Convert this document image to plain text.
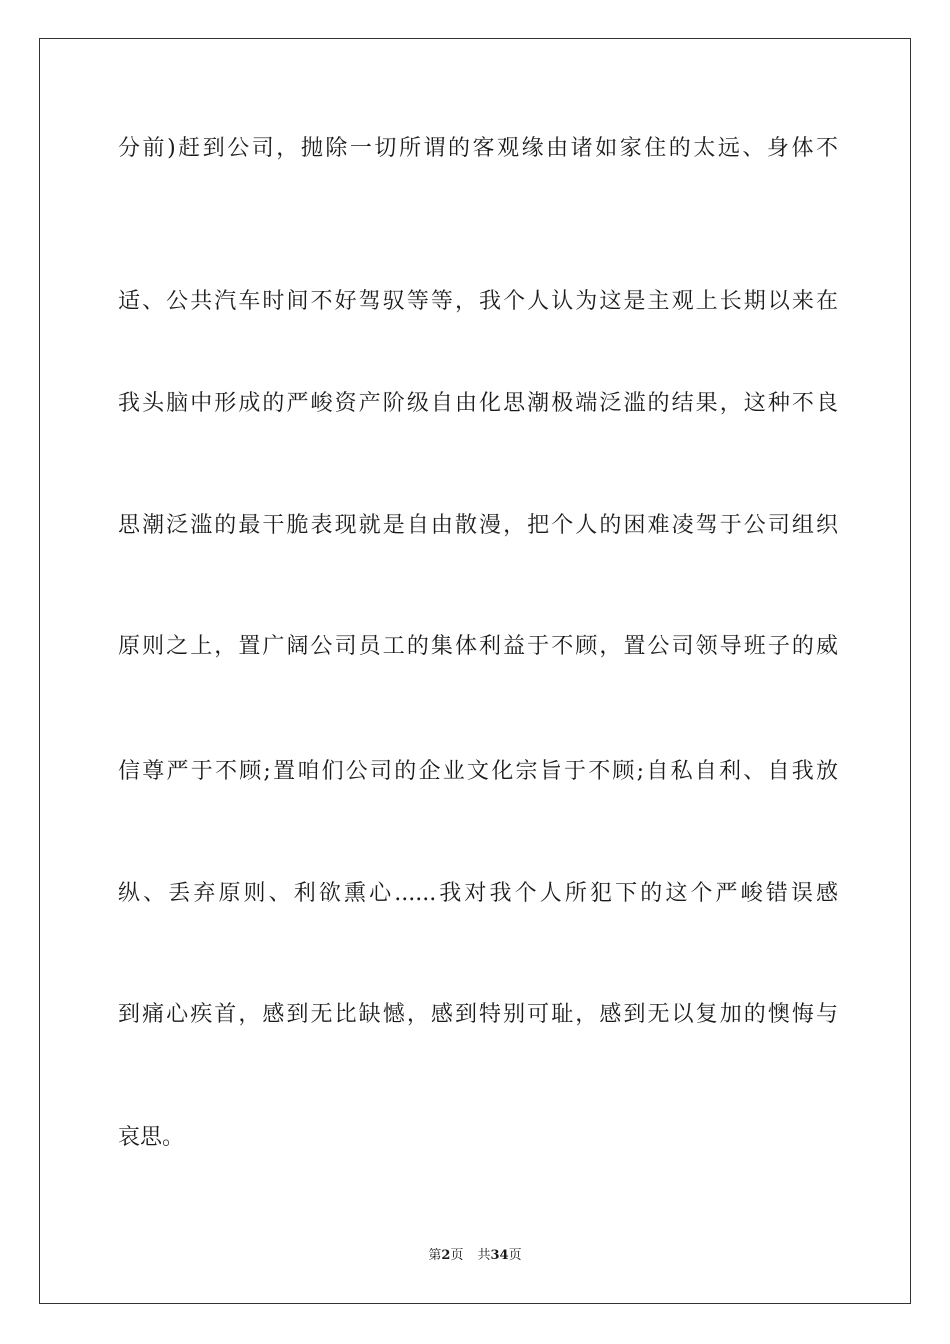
分前)赶到公司，抛除一切所谓的客观缘由诸如家住的太远、身体不
适、公共汽车时间不好驾驭等等，我个人认为这是主观上长期以来在
我头脑中形成的严峻资产阶级自由化思潮极端泛滥的结果，这种不良
思潮泛滥的最干脆表现就是自由散漫，把个人的困难凌驾于公司组织
原则之上，置广阔公司员工的集体利益于不顾，置公司领导班子的威
信尊严于不顾;置咱们公司的企业文化宗旨于不顾;自私自利、自我放
纵、丢弃原则、利欲熏心......我对我个人所犯下的这个严峻错误感
到痛心疾首，感到无比缺憾，感到特别可耻，感到无以复加的懊悔与
哀思。
第2页 共34页
